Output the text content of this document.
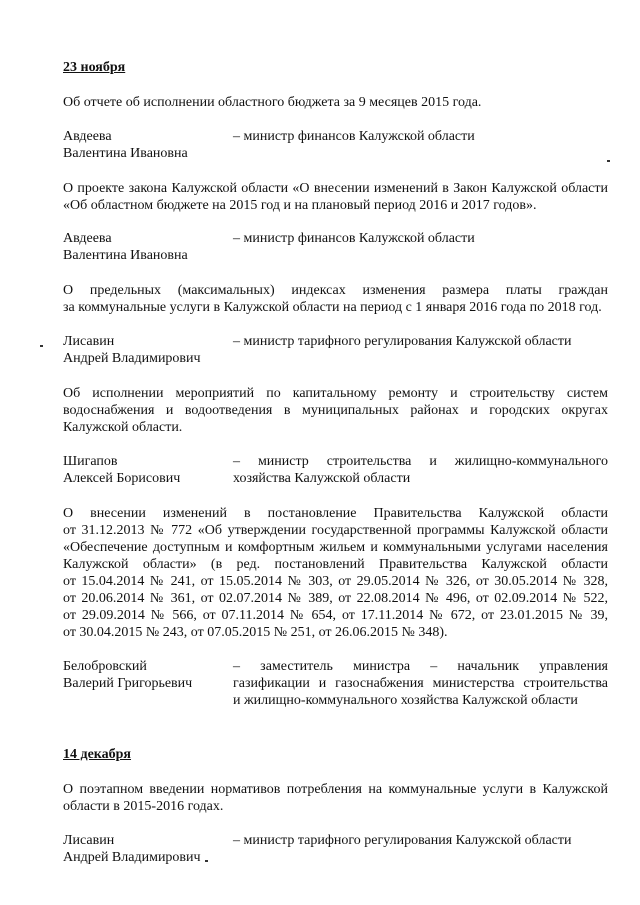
23 ноября

Об отчете об исполнении областного бюджета за 9 месяцев 2015 года.
Авдеева
Валентина Ивановна
– министр финансов Калужской области
О проекте закона Калужской области «О внесении изменений в Закон Калужской области
«Об областном бюджете на 2015 год и на плановый период 2016 и 2017 годов».
Авдеева
Валентина Ивановна
– министр финансов Калужской области
О предельных (максимальных) индексах изменения размера платы граждан
за коммунальные услуги в Калужской области на период с 1 января 2016 года по 2018 год.
Лисавин
Андрей Владимирович
– министр тарифного регулирования Калужской области
Об исполнении мероприятий по капитальному ремонту и строительству систем
водоснабжения и водоотведения в муниципальных районах и городских округах
Калужской области.
Шигапов
Алексей Борисович
– министр строительства и жилищно-коммунального
хозяйства Калужской области
О внесении изменений в постановление Правительства Калужской области
от 31.12.2013 № 772 «Об утверждении государственной программы Калужской области
«Обеспечение доступным и комфортным жильем и коммунальными услугами населения
Калужской области» (в ред. постановлений Правительства Калужской области
от 15.04.2014 № 241, от 15.05.2014 № 303, от 29.05.2014 № 326, от 30.05.2014 № 328,
от 20.06.2014 № 361, от 02.07.2014 № 389, от 22.08.2014 № 496, от 02.09.2014 № 522,
от 29.09.2014 № 566, от 07.11.2014 № 654, от 17.11.2014 № 672, от 23.01.2015 № 39,
от 30.04.2015 № 243, от 07.05.2015 № 251, от 26.06.2015 № 348).
Белобровский
Валерий Григорьевич
– заместитель министра – начальник управления
газификации и газоснабжения министерства строительства
и жилищно-коммунального хозяйства Калужской области

14 декабря

О поэтапном введении нормативов потребления на коммунальные услуги в Калужской
области в 2015-2016 годах.
Лисавин
Андрей Владимирович
– министр тарифного регулирования Калужской области
